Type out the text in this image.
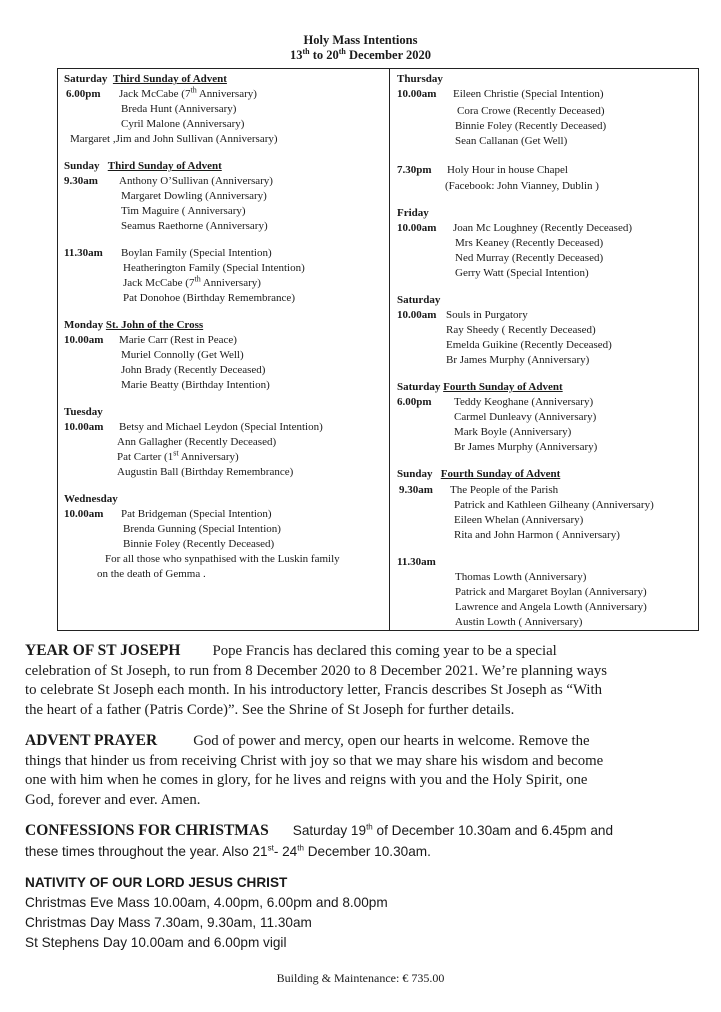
Holy Mass Intentions
13th to 20th December 2020
Saturday Third Sunday of Advent
6.00pm Jack McCabe (7th Anniversary)
Breda Hunt (Anniversary)
Cyril Malone (Anniversary)
Margaret ,Jim and John Sullivan (Anniversary)
Sunday Third Sunday of Advent
9.30am Anthony O’Sullivan (Anniversary)
Margaret Dowling (Anniversary)
Tim Maguire ( Anniversary)
Seamus Raethorne (Anniversary)
11.30am Boylan Family (Special Intention)
Heatherington Family (Special Intention)
Jack McCabe (7th Anniversary)
Pat Donohoe (Birthday Remembrance)
Monday St. John of the Cross
10.00am Marie Carr (Rest in Peace)
Muriel Connolly (Get Well)
John Brady (Recently Deceased)
Marie Beatty (Birthday Intention)
Tuesday
10.00am Betsy and Michael Leydon (Special Intention)
Ann Gallagher (Recently Deceased)
Pat Carter (1st Anniversary)
Augustin Ball (Birthday Remembrance)
Wednesday
10.00am Pat Bridgeman (Special Intention)
Brenda Gunning (Special Intention)
Binnie Foley (Recently Deceased)
For all those who synpathised with the Luskin family
on the death of Gemma .
Thursday
10.00am Eileen Christie (Special Intention)
Cora Crowe (Recently Deceased)
Binnie Foley (Recently Deceased)
Sean Callanan (Get Well)
7.30pm Holy Hour in house Chapel
(Facebook: John Vianney, Dublin )
Friday
10.00am Joan Mc Loughney (Recently Deceased)
Mrs Keaney (Recently Deceased)
Ned Murray (Recently Deceased)
Gerry Watt (Special Intention)
Saturday
10.00am Souls in Purgatory
Ray Sheedy ( Recently Deceased)
Emelda Guikine (Recently Deceased)
Br James Murphy (Anniversary)
Saturday Fourth Sunday of Advent
6.00pm Teddy Keoghane (Anniversary)
Carmel Dunleavy (Anniversary)
Mark Boyle (Anniversary)
Br James Murphy (Anniversary)
Sunday Fourth Sunday of Advent
9.30am The People of the Parish
Patrick and Kathleen Gilheany (Anniversary)
Eileen Whelan (Anniversary)
Rita and John Harmon ( Anniversary)
11.30am
Thomas Lowth (Anniversary)
Patrick and Margaret Boylan (Anniversary)
Lawrence and Angela Lowth (Anniversary)
Austin Lowth ( Anniversary)
YEAR OF ST JOSEPH Pope Francis has declared this coming year to be a special
celebration of St Joseph, to run from 8 December 2020 to 8 December 2021. We’re planning ways
to celebrate St Joseph each month. In his introductory letter, Francis describes St Joseph as “With
the heart of a father (Patris Corde)”. See the Shrine of St Joseph for further details.
ADVENT PRAYER God of power and mercy, open our hearts in welcome. Remove the
things that hinder us from receiving Christ with joy so that we may share his wisdom and become
one with him when he comes in glory, for he lives and reigns with you and the Holy Spirit, one
God, forever and ever. Amen.
CONFESSIONS FOR CHRISTMAS Saturday 19th of December 10.30am and 6.45pm and
these times throughout the year. Also 21st- 24th December 10.30am.
NATIVITY OF OUR LORD JESUS CHRIST
Christmas Eve Mass 10.00am, 4.00pm, 6.00pm and 8.00pm
Christmas Day Mass 7.30am, 9.30am, 11.30am
St Stephens Day 10.00am and 6.00pm vigil
Building & Maintenance: € 735.00
